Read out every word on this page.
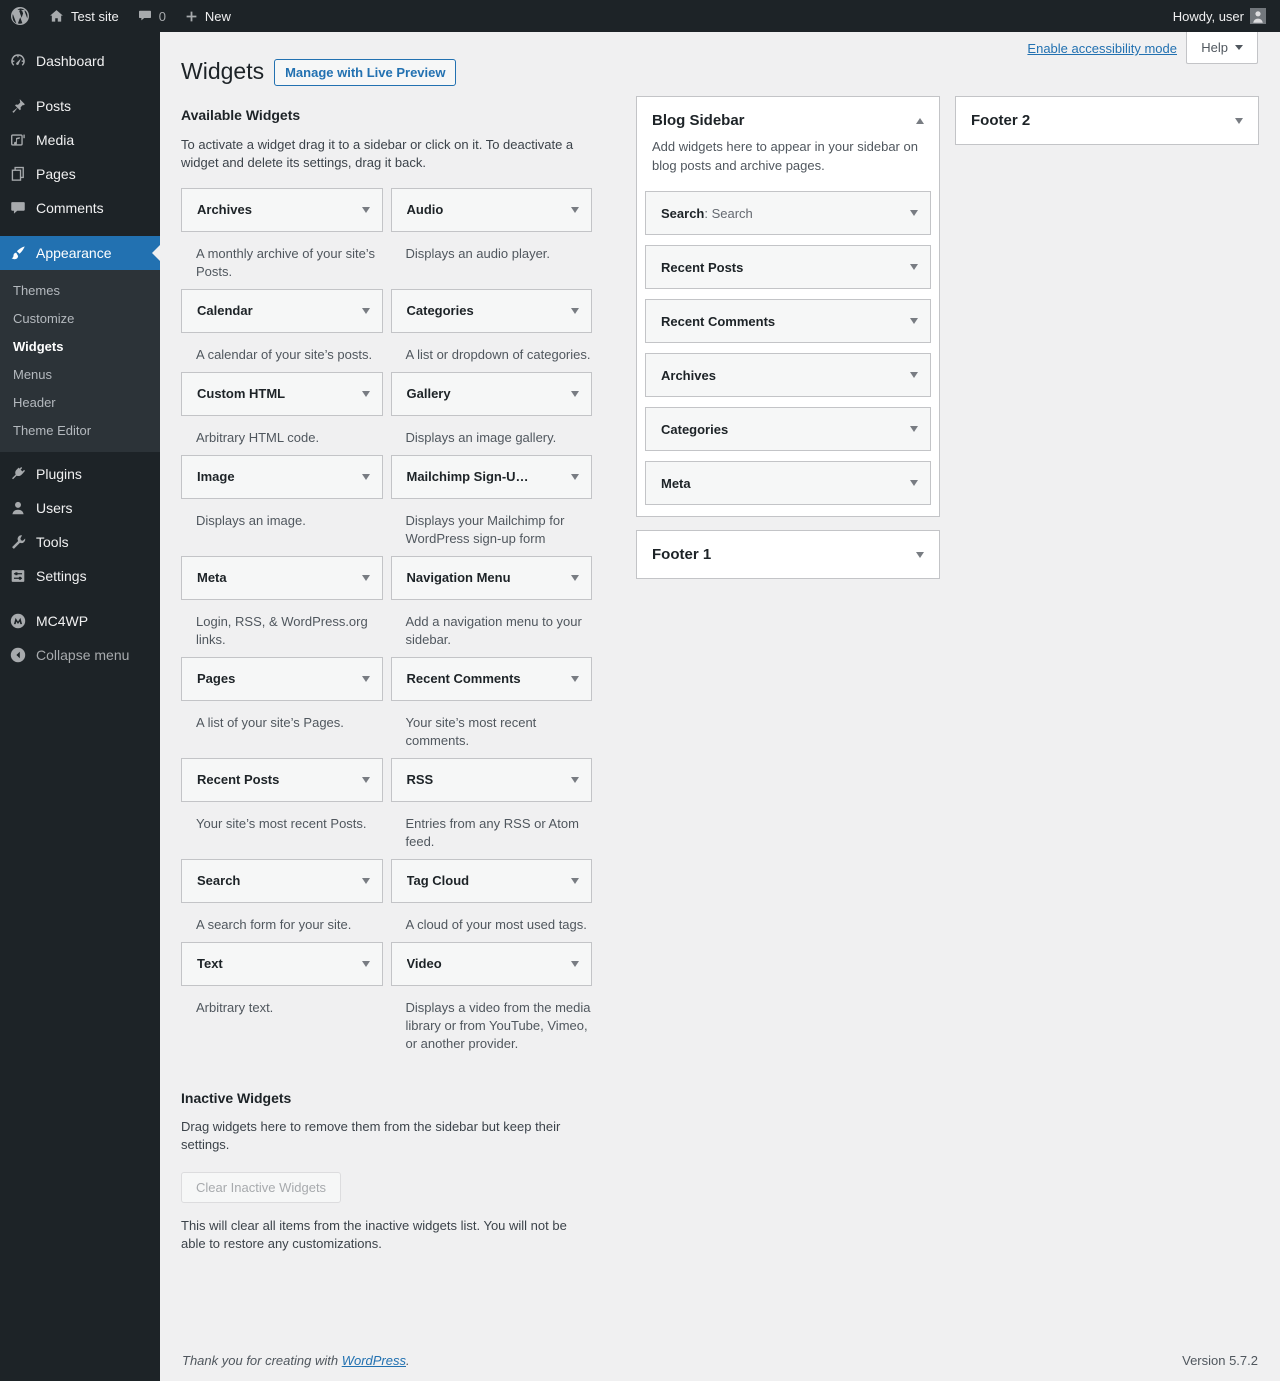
Test site	0	New	Howdy, user
Dashboard
Posts
Media
Pages
Comments
Appearance
Themes
Customize
Widgets
Menus
Header
Theme Editor
Plugins
Users
Tools
Settings
MC4WP
Collapse menu
Enable accessibility mode Help
Widgets	Manage with Live Preview
Available Widgets

To activate a widget drag it to a sidebar or click on it. To deactivate a widget and delete its settings, drag it back.

Archives

A monthly archive of your site’s Posts.

Audio

Displays an audio player.

Calendar

A calendar of your site’s posts.

Categories

A list or dropdown of categories.

Custom HTML

Arbitrary HTML code.

Gallery

Displays an image gallery.

Image

Displays an image.

Mailchimp Sign-U…

Displays your Mailchimp for WordPress sign-up form

Meta

Login, RSS, & WordPress.org links.

Navigation Menu

Add a navigation menu to your sidebar.

Pages

A list of your site’s Pages.

Recent Comments

Your site’s most recent comments.

Recent Posts

Your site’s most recent Posts.

RSS

Entries from any RSS or Atom feed.

Search

A search form for your site.

Tag Cloud

A cloud of your most used tags.

Text

Arbitrary text.

Video

Displays a video from the media library or from YouTube, Vimeo, or another provider.

Inactive Widgets

Drag widgets here to remove them from the sidebar but keep their settings.

Clear Inactive Widgets

This will clear all items from the inactive widgets list. You will not be able to restore any customizations.

Blog Sidebar

Add widgets here to appear in your sidebar on blog posts and archive pages.

Search: Search
Recent Posts
Recent Comments
Archives
Categories
Meta
Footer 1
Footer 2
Thank you for creating with WordPress.	Version 5.7.2
